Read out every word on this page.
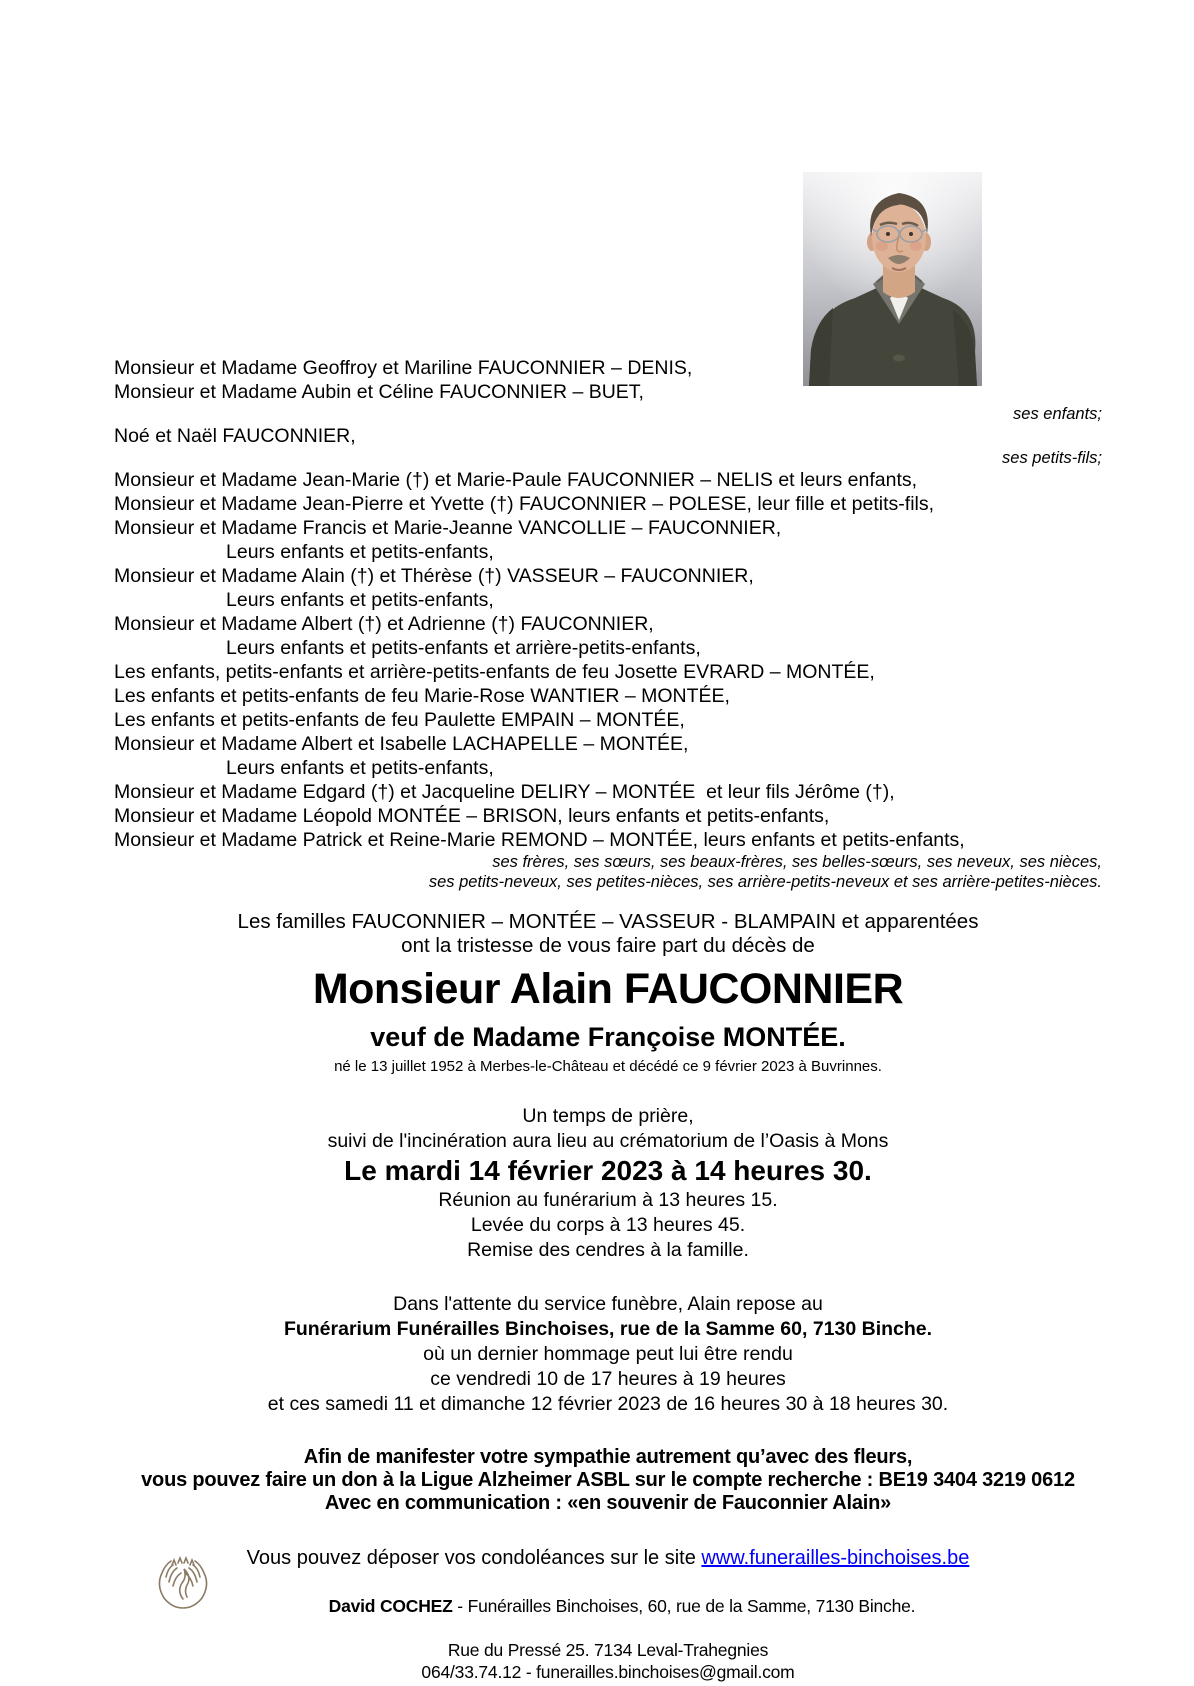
Monsieur et Madame Geoffroy et Mariline FAUCONNIER – DENIS,
Monsieur et Madame Aubin et Céline FAUCONNIER – BUET,
ses enfants;
Noé et Naël FAUCONNIER,
ses petits-fils;
Monsieur et Madame Jean-Marie (†) et Marie-Paule FAUCONNIER – NELIS et leurs enfants,
Monsieur et Madame Jean-Pierre et Yvette (†) FAUCONNIER – POLESE, leur fille et petits-fils,
Monsieur et Madame Francis et Marie-Jeanne VANCOLLIE – FAUCONNIER,
Leurs enfants et petits-enfants,
Monsieur et Madame Alain (†) et Thérèse (†) VASSEUR – FAUCONNIER,
Leurs enfants et petits-enfants,
Monsieur et Madame Albert (†) et Adrienne (†) FAUCONNIER,
Leurs enfants et petits-enfants et arrière-petits-enfants,
Les enfants, petits-enfants et arrière-petits-enfants de feu Josette EVRARD – MONTÉE,
Les enfants et petits-enfants de feu Marie-Rose WANTIER – MONTÉE,
Les enfants et petits-enfants de feu Paulette EMPAIN – MONTÉE,
Monsieur et Madame Albert et Isabelle LACHAPELLE – MONTÉE,
Leurs enfants et petits-enfants,
Monsieur et Madame Edgard (†) et Jacqueline DELIRY – MONTÉE  et leur fils Jérôme (†),
Monsieur et Madame Léopold MONTÉE – BRISON, leurs enfants et petits-enfants,
Monsieur et Madame Patrick et Reine-Marie REMOND – MONTÉE, leurs enfants et petits-enfants,
ses frères, ses sœurs, ses beaux-frères, ses belles-sœurs, ses neveux, ses nièces,
ses petits-neveux, ses petites-nièces, ses arrière-petits-neveux et ses arrière-petites-nièces.
Les familles FAUCONNIER – MONTÉE – VASSEUR - BLAMPAIN et apparentées
ont la tristesse de vous faire part du décès de
Monsieur Alain FAUCONNIER
veuf de Madame Françoise MONTÉE.
né le 13 juillet 1952 à Merbes-le-Château et décédé ce 9 février 2023 à Buvrinnes.
Un temps de prière,
suivi de l'incinération aura lieu au crématorium de l’Oasis à Mons
Le mardi 14 février 2023 à 14 heures 30.
Réunion au funérarium à 13 heures 15.
Levée du corps à 13 heures 45.
Remise des cendres à la famille.
Dans l'attente du service funèbre, Alain repose au
Funérarium Funérailles Binchoises, rue de la Samme 60, 7130 Binche.
où un dernier hommage peut lui être rendu
ce vendredi 10 de 17 heures à 19 heures
et ces samedi 11 et dimanche 12 février 2023 de 16 heures 30 à 18 heures 30.
Afin de manifester votre sympathie autrement qu’avec des fleurs,
vous pouvez faire un don à la Ligue Alzheimer ASBL sur le compte recherche : BE19 3404 3219 0612
Avec en communication : «en souvenir de Fauconnier Alain»
Vous pouvez déposer vos condoléances sur le site www.funerailles-binchoises.be

David COCHEZ - Funérailles Binchoises, 60, rue de la Samme, 7130 Binche.

Rue du Pressé 25. 7134 Leval-Trahegnies
064/33.74.12 - funerailles.binchoises@gmail.com
